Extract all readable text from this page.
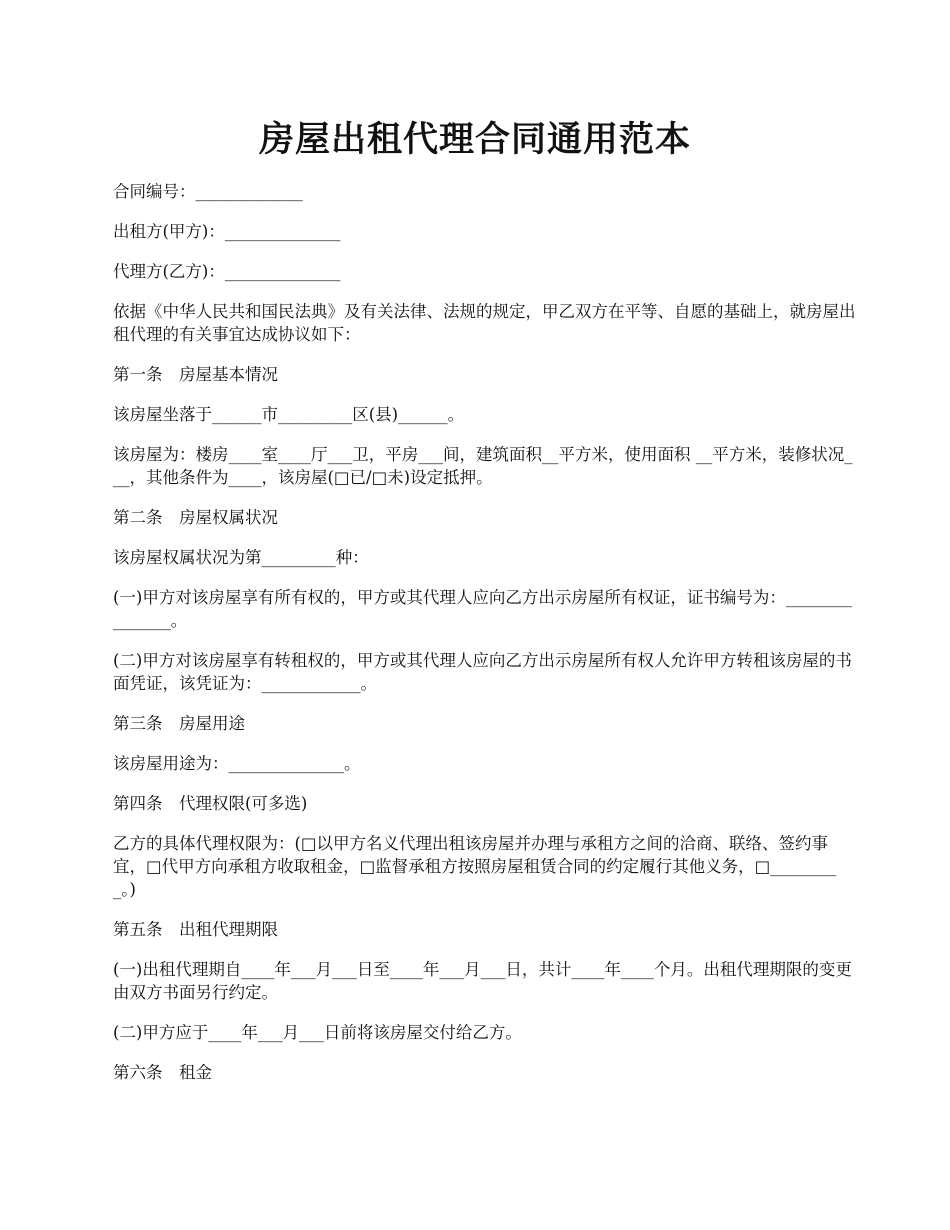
房屋出租代理合同通用范本

合同编号：_____________

出租方(甲方)：______________

代理方(乙方)：______________

依据《中华人民共和国民法典》及有关法律、法规的规定，甲乙双方在平等、自愿的基础上，就房屋出租代理的有关事宜达成协议如下：

第一条　房屋基本情况

该房屋坐落于______市_________区(县)______。

该房屋为：楼房____室____厅___卫，平房___间，建筑面积__平方米，使用面积 __平方米，装修状况___，其他条件为____，该房屋(□已/□未)设定抵押。

第二条　房屋权属状况

该房屋权属状况为第_________种：

(一)甲方对该房屋享有所有权的，甲方或其代理人应向乙方出示房屋所有权证，证书编号为：_______________。

(二)甲方对该房屋享有转租权的，甲方或其代理人应向乙方出示房屋所有权人允许甲方转租该房屋的书面凭证，该凭证为：____________。

第三条　房屋用途

该房屋用途为：______________。

第四条　代理权限(可多选)

乙方的具体代理权限为：(□以甲方名义代理出租该房屋并办理与承租方之间的洽商、联络、签约事宜，□代甲方向承租方收取租金，□监督承租方按照房屋租赁合同的约定履行其他义务，□_________。)

第五条　出租代理期限

(一)出租代理期自____年___月___日至____年___月___日，共计____年____个月。出租代理期限的变更由双方书面另行约定。

(二)甲方应于____年___月___日前将该房屋交付给乙方。

第六条　租金
